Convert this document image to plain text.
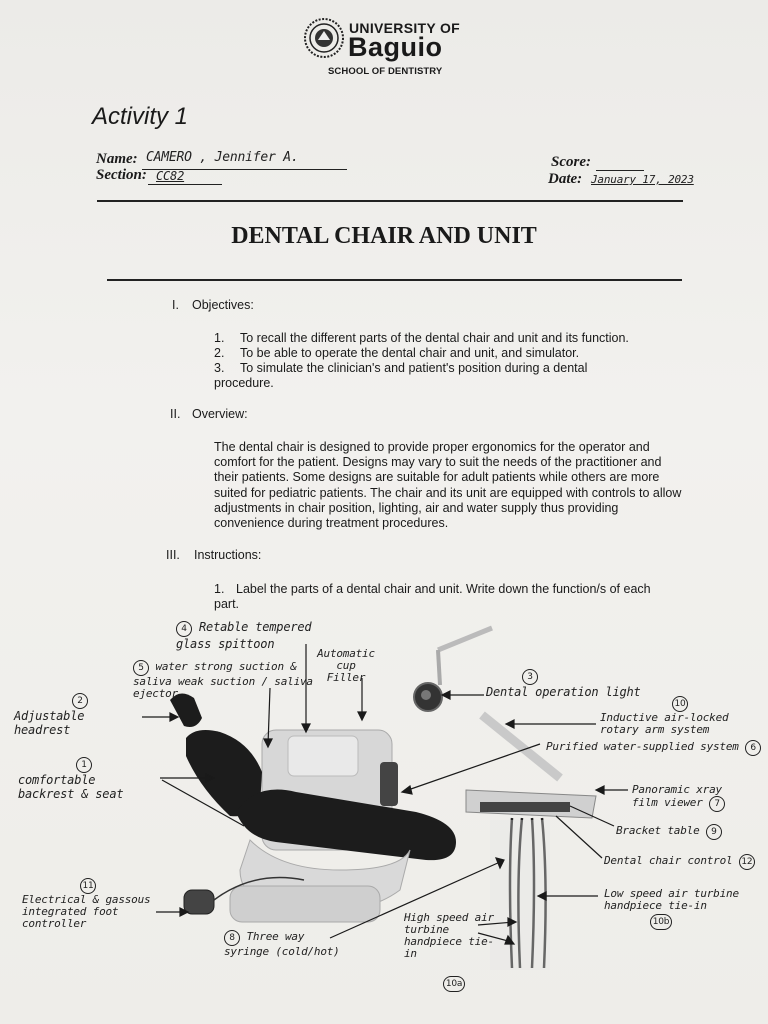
UNIVERSITY OF
Baguio
SCHOOL OF DENTISTRY
Activity 1
Name: CAMERO , Jennifer A.
Section: CC82
Score:
Date: January 17, 2023
DENTAL CHAIR AND UNIT
I. Objectives:
1. To recall the different parts of the dental chair and unit and its function.
2. To be able to operate the dental chair and unit, and simulator.
3. To simulate the clinician's and patient's position during a dental procedure.
II. Overview:
The dental chair is designed to provide proper ergonomics for the operator and comfort for the patient. Designs may vary to suit the needs of the practitioner and their patients. Some designs are suitable for adult patients while others are more suited for pediatric patients. The chair and its unit are equipped with controls to allow adjustments in chair position, lighting, air and water supply thus providing convenience during treatment procedures.
III. Instructions:
1. Label the parts of a dental chair and unit. Write down the function/s of each part.
4 Retable tempered glass spittoon
5 water strong suction & saliva weak suction / saliva ejector
Automatic cup Filler	3
Dental operation light
2
Adjustable headrest
10
Inductive air-locked rotary arm system
Purified water-supplied system 6
1
comfortable backrest & seat	Panoramic xray film viewer 7
Bracket table 9
Dental chair control 12
11
Electrical & gassous integrated foot controller
Low speed air turbine handpiece tie-in
10b
8 Three way syringe (cold/hot)
High speed air turbine handpiece tie-in
10a
